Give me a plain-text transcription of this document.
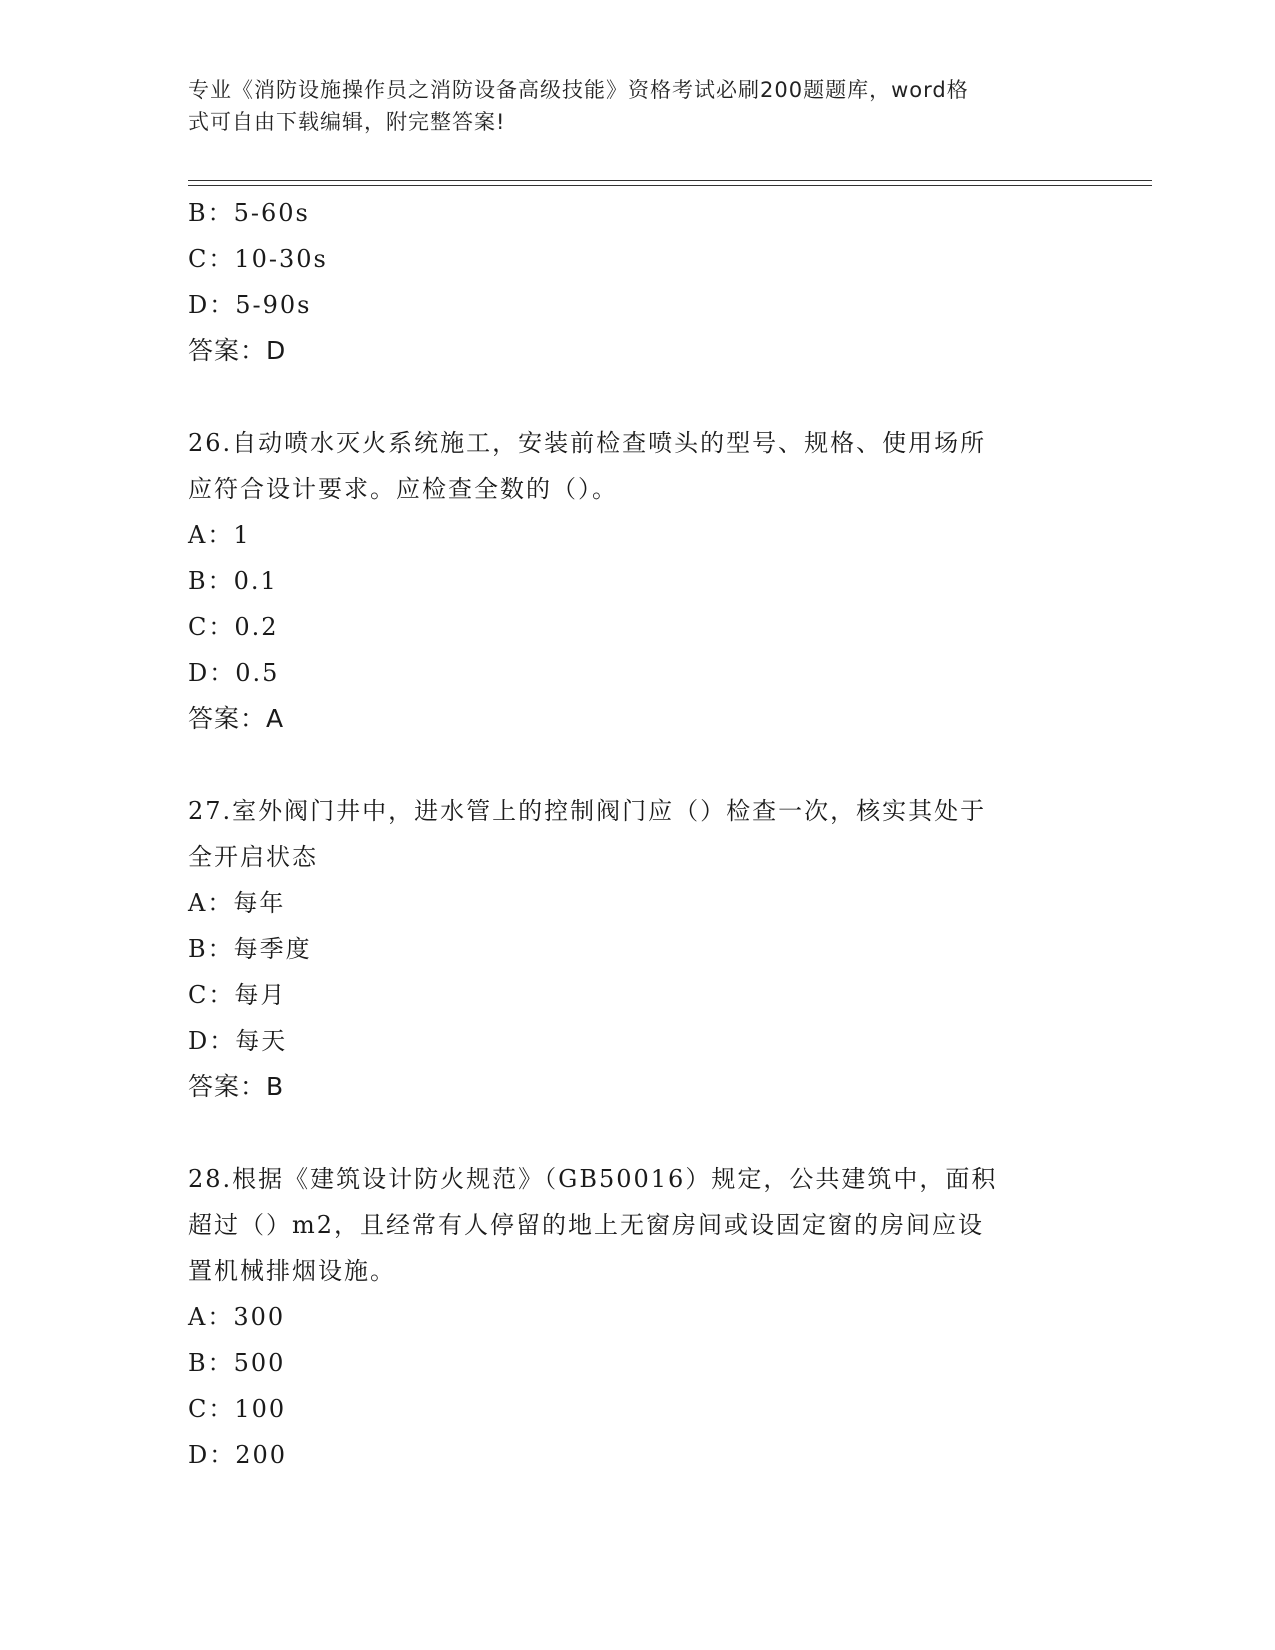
专业《消防设施操作员之消防设备高级技能》资格考试必刷200题题库，word格
式可自由下载编辑，附完整答案!
B：5-60s
C：10-30s
D：5-90s
答案：D
26.自动喷水灭火系统施工，安装前检查喷头的型号、规格、使用场所
应符合设计要求。应检查全数的（）。
A：1
B：0.1
C：0.2
D：0.5
答案：A
27.室外阀门井中，进水管上的控制阀门应（）检查一次，核实其处于
全开启状态
A：每年
B：每季度
C：每月
D：每天
答案：B
28.根据《建筑设计防火规范》（GB50016）规定，公共建筑中，面积
超过（）m2，且经常有人停留的地上无窗房间或设固定窗的房间应设
置机械排烟设施。
A：300
B：500
C：100
D：200
